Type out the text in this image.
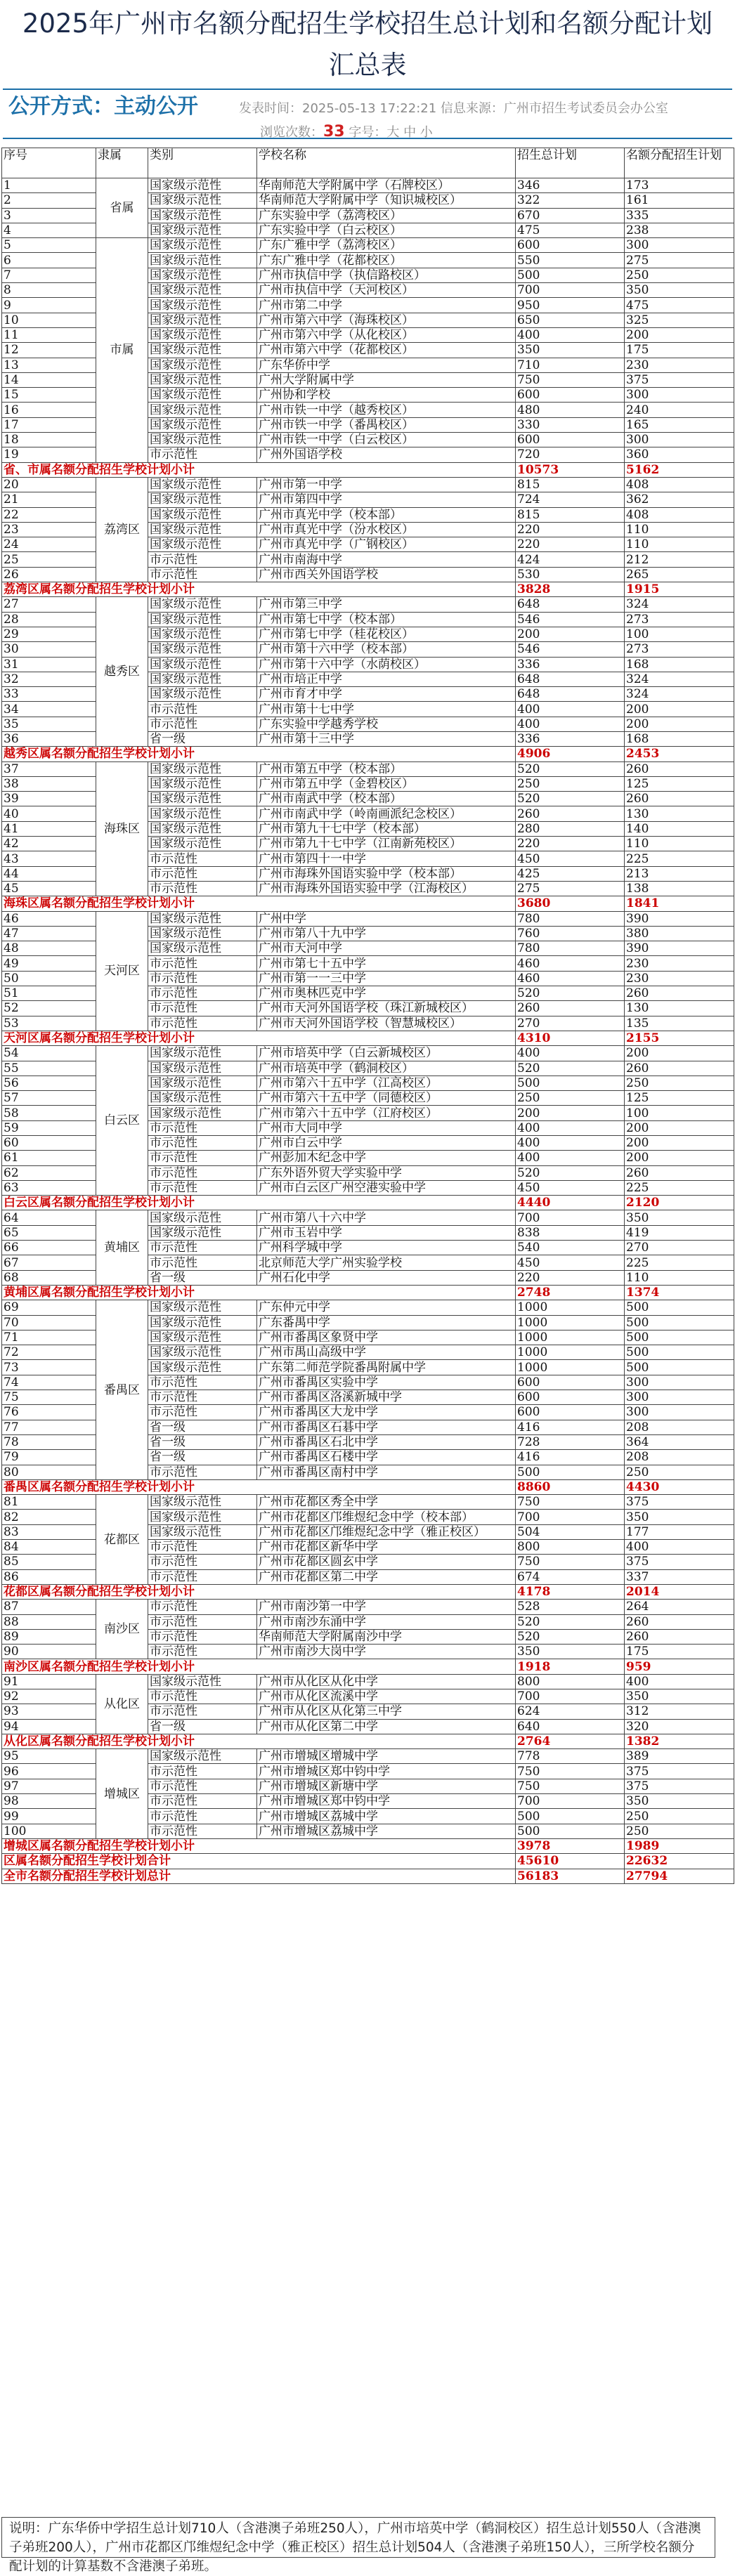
2025年广州市名额分配招生学校招生总计划和名额分配计划汇总表
公开方式：主动公开	发表时间：2025-05-13 17:22:21 信息来源：广州市招生考试委员会办公室
浏览次数：33 字号：大 中 小
序号	隶属	类别	学校名称	招生总计划	名额分配招生计划
1	省属	国家级示范性	华南师范大学附属中学（石牌校区）	346	173
2		国家级示范性	华南师范大学附属中学（知识城校区）	322	161
3		国家级示范性	广东实验中学（荔湾校区）	670	335
4		国家级示范性	广东实验中学（白云校区）	475	238
5	市属	国家级示范性	广东广雅中学（荔湾校区）	600	300
6		国家级示范性	广东广雅中学（花都校区）	550	275
7		国家级示范性	广州市执信中学（执信路校区）	500	250
8		国家级示范性	广州市执信中学（天河校区）	700	350
9		国家级示范性	广州市第二中学	950	475
10		国家级示范性	广州市第六中学（海珠校区）	650	325
11		国家级示范性	广州市第六中学（从化校区）	400	200
12		国家级示范性	广州市第六中学（花都校区）	350	175
13		国家级示范性	广东华侨中学	710	230
14		国家级示范性	广州大学附属中学	750	375
15		国家级示范性	广州协和学校	600	300
16		国家级示范性	广州市铁一中学（越秀校区）	480	240
17		国家级示范性	广州市铁一中学（番禺校区）	330	165
18		国家级示范性	广州市铁一中学（白云校区）	600	300
19		市示范性	广州外国语学校	720	360
省、市属名额分配招生学校计划小计				10573	5162
20	荔湾区	国家级示范性	广州市第一中学	815	408
21		国家级示范性	广州市第四中学	724	362
22		国家级示范性	广州市真光中学（校本部）	815	408
23		国家级示范性	广州市真光中学（汾水校区）	220	110
24		国家级示范性	广州市真光中学（广钢校区）	220	110
25		市示范性	广州市南海中学	424	212
26		市示范性	广州市西关外国语学校	530	265
荔湾区属名额分配招生学校计划小计				3828	1915
27	越秀区	国家级示范性	广州市第三中学	648	324
28		国家级示范性	广州市第七中学（校本部）	546	273
29		国家级示范性	广州市第七中学（桂花校区）	200	100
30		国家级示范性	广州市第十六中学（校本部）	546	273
31		国家级示范性	广州市第十六中学（水荫校区）	336	168
32		国家级示范性	广州市培正中学	648	324
33		国家级示范性	广州市育才中学	648	324
34		市示范性	广州市第十七中学	400	200
35		市示范性	广东实验中学越秀学校	400	200
36		省一级	广州市第十三中学	336	168
越秀区属名额分配招生学校计划小计				4906	2453
37	海珠区	国家级示范性	广州市第五中学（校本部）	520	260
38		国家级示范性	广州市第五中学（金碧校区）	250	125
39		国家级示范性	广州市南武中学（校本部）	520	260
40		国家级示范性	广州市南武中学（岭南画派纪念校区）	260	130
41		国家级示范性	广州市第九十七中学（校本部）	280	140
42		国家级示范性	广州市第九十七中学（江南新苑校区）	220	110
43		市示范性	广州市第四十一中学	450	225
44		市示范性	广州市海珠外国语实验中学（校本部）	425	213
45		市示范性	广州市海珠外国语实验中学（江海校区）	275	138
海珠区属名额分配招生学校计划小计				3680	1841
46	天河区	国家级示范性	广州中学	780	390
47		国家级示范性	广州市第八十九中学	760	380
48		国家级示范性	广州市天河中学	780	390
49		市示范性	广州市第七十五中学	460	230
50		市示范性	广州市第一一三中学	460	230
51		市示范性	广州市奥林匹克中学	520	260
52		市示范性	广州市天河外国语学校（珠江新城校区）	260	130
53		市示范性	广州市天河外国语学校（智慧城校区）	270	135
天河区属名额分配招生学校计划小计				4310	2155
54	白云区	国家级示范性	广州市培英中学（白云新城校区）	400	200
55		国家级示范性	广州市培英中学（鹤洞校区）	520	260
56		国家级示范性	广州市第六十五中学（江高校区）	500	250
57		国家级示范性	广州市第六十五中学（同德校区）	250	125
58		国家级示范性	广州市第六十五中学（江府校区）	200	100
59		市示范性	广州市大同中学	400	200
60		市示范性	广州市白云中学	400	200
61		市示范性	广州彭加木纪念中学	400	200
62		市示范性	广东外语外贸大学实验中学	520	260
63		市示范性	广州市白云区广州空港实验中学	450	225
白云区属名额分配招生学校计划小计				4440	2120
64	黄埔区	国家级示范性	广州市第八十六中学	700	350
65		国家级示范性	广州市玉岩中学	838	419
66		市示范性	广州科学城中学	540	270
67		市示范性	北京师范大学广州实验学校	450	225
68		省一级	广州石化中学	220	110
黄埔区属名额分配招生学校计划小计				2748	1374
69	番禺区	国家级示范性	广东仲元中学	1000	500
70		国家级示范性	广东番禺中学	1000	500
71		国家级示范性	广州市番禺区象贤中学	1000	500
72		国家级示范性	广州市禺山高级中学	1000	500
73		国家级示范性	广东第二师范学院番禺附属中学	1000	500
74		市示范性	广州市番禺区实验中学	600	300
75		市示范性	广州市番禺区洛溪新城中学	600	300
76		市示范性	广州市番禺区大龙中学	600	300
77		省一级	广州市番禺区石碁中学	416	208
78		省一级	广州市番禺区石北中学	728	364
79		省一级	广州市番禺区石楼中学	416	208
80		市示范性	广州市番禺区南村中学	500	250
番禺区属名额分配招生学校计划小计				8860	4430
81	花都区	国家级示范性	广州市花都区秀全中学	750	375
82		国家级示范性	广州市花都区邝维煜纪念中学（校本部）	700	350
83		国家级示范性	广州市花都区邝维煜纪念中学（雅正校区）	504	177
84		市示范性	广州市花都区新华中学	800	400
85		市示范性	广州市花都区圆玄中学	750	375
86		市示范性	广州市花都区第二中学	674	337
花都区属名额分配招生学校计划小计				4178	2014
87	南沙区	市示范性	广州市南沙第一中学	528	264
88		市示范性	广州市南沙东涌中学	520	260
89		市示范性	华南师范大学附属南沙中学	520	260
90		市示范性	广州市南沙大岗中学	350	175
南沙区属名额分配招生学校计划小计				1918	959
91	从化区	国家级示范性	广州市从化区从化中学	800	400
92		市示范性	广州市从化区流溪中学	700	350
93		市示范性	广州市从化区从化第三中学	624	312
94		省一级	广州市从化区第二中学	640	320
从化区属名额分配招生学校计划小计				2764	1382
95	增城区	国家级示范性	广州市增城区增城中学	778	389
96		市示范性	广州市增城区郑中钧中学	750	375
97		市示范性	广州市增城区新塘中学	750	375
98		市示范性	广州市增城区郑中钧中学	700	350
99		市示范性	广州市增城区荔城中学	500	250
100		市示范性	广州市增城区荔城中学	500	250
增城区属名额分配招生学校计划小计				3978	1989
区属名额分配招生学校计划合计				45610	22632
全市名额分配招生学校计划总计				56183	27794
说明：广东华侨中学招生总计划710人（含港澳子弟班250人），广州市培英中学（鹤洞校区）招生总计划550人（含港澳子弟班200人），广州市花都区邝维煜纪念中学（雅正校区）招生总计划504人（含港澳子弟班150人），三所学校名额分配计划的计算基数不含港澳子弟班。
